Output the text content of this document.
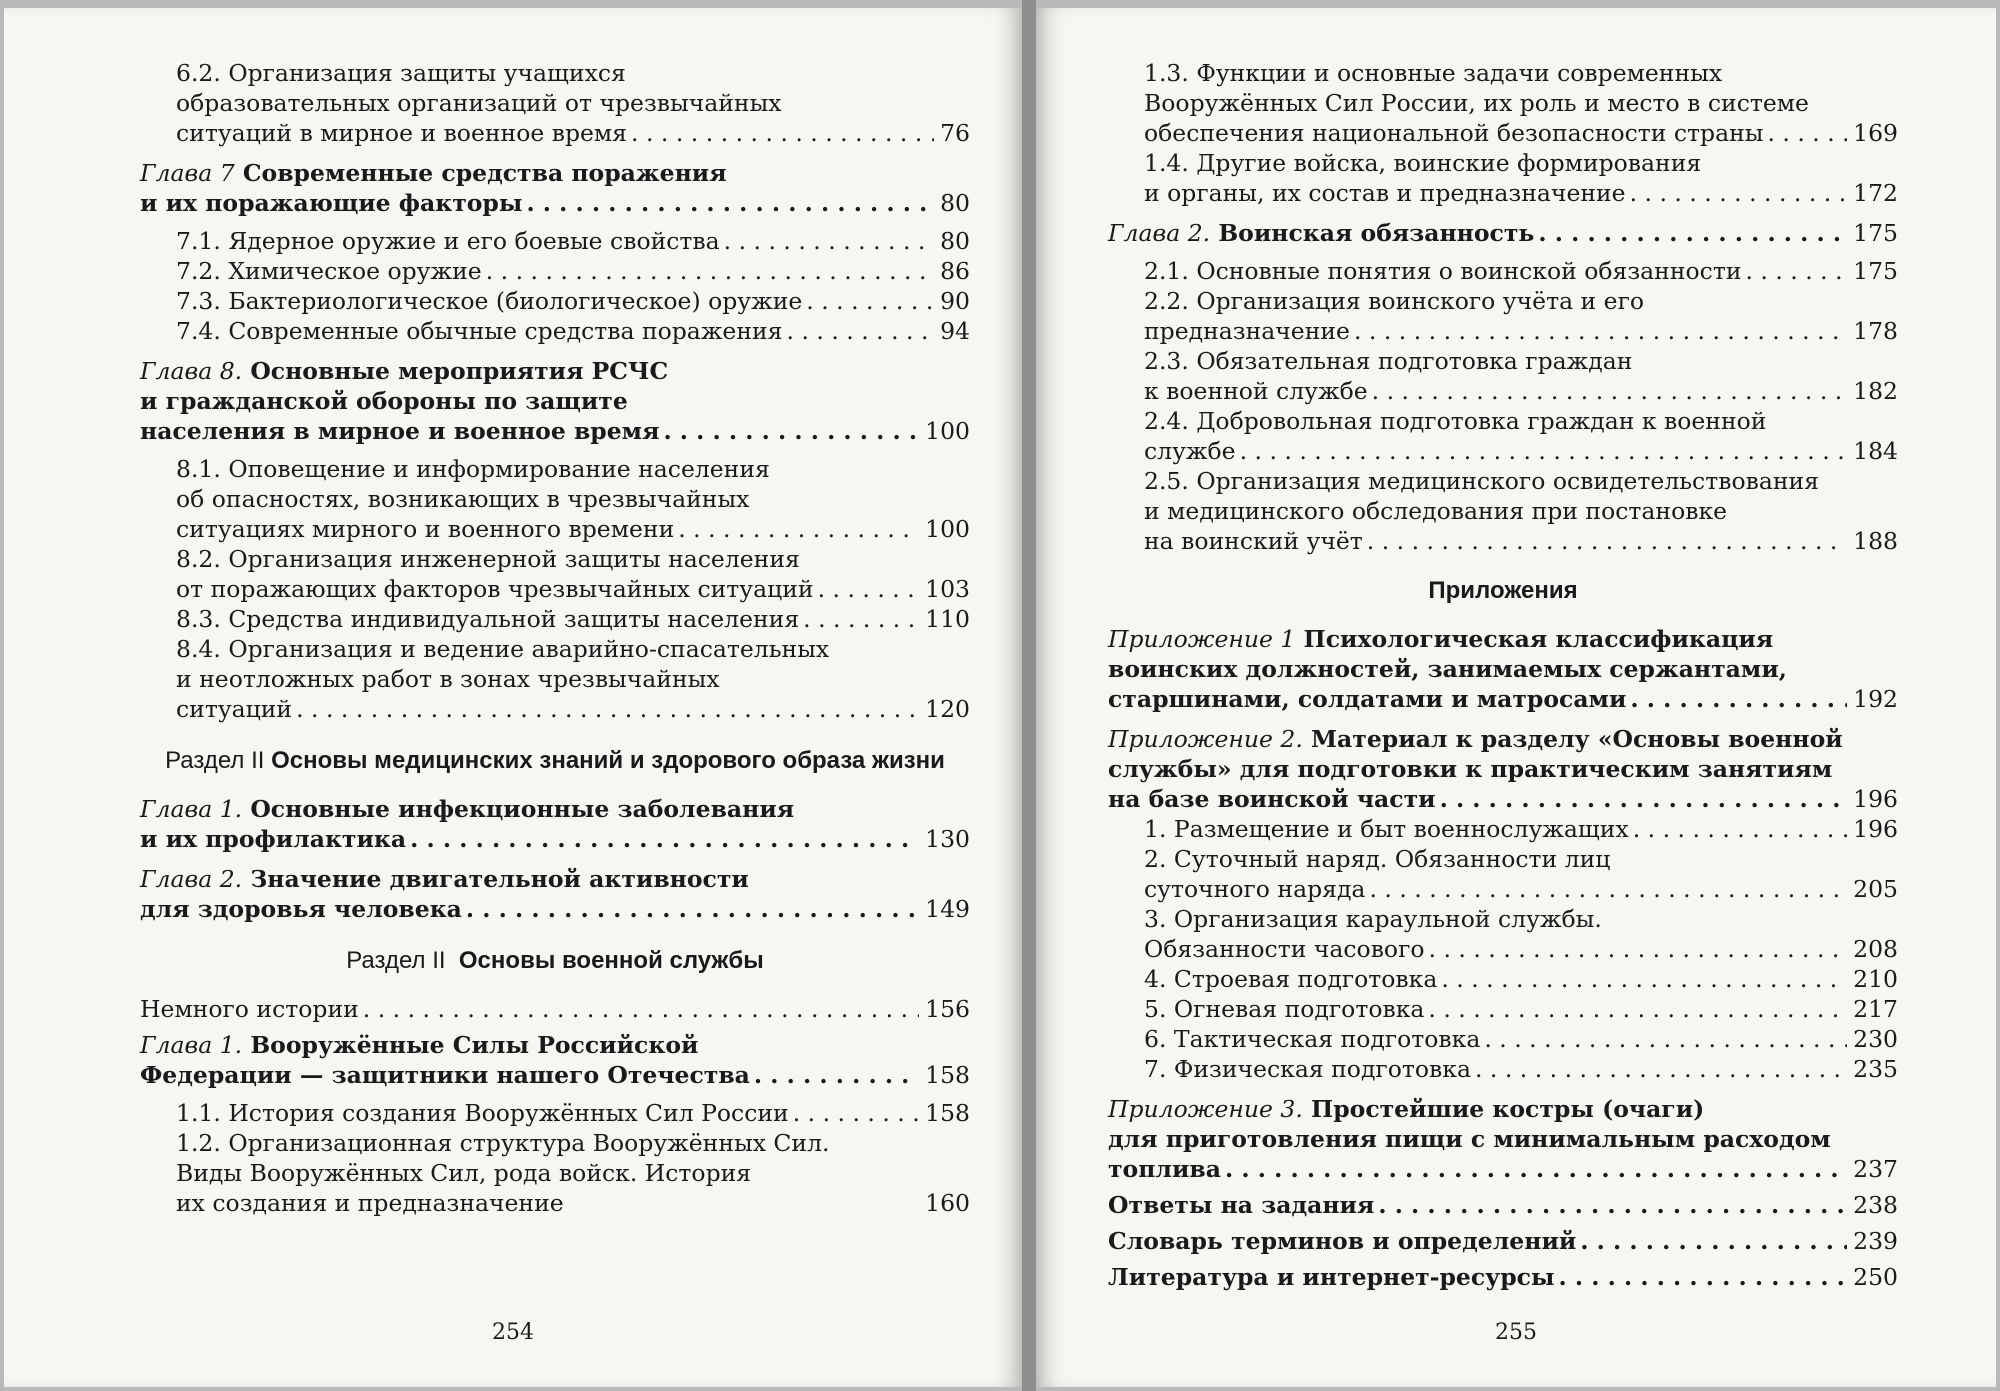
6.2. Организация защиты учащихся
образовательных организаций от чрезвычайных
ситуаций в мирное и военное время . . .	76
Глава 7 Современные средства поражения
и их поражающие факторы . . .	80
7.1. Ядерное оружие и его боевые свойства . . .	80
7.2. Химическое оружие . . .	86
7.3. Бактериологическое (биологическое) оружие . . .	90
7.4. Современные обычные средства поражения . . .	94
Глава 8. Основные мероприятия РСЧС
и гражданской обороны по защите
населения в мирное и военное время . . .	100
8.1. Оповещение и информирование населения
об опасностях, возникающих в чрезвычайных
ситуациях мирного и военного времени . . .	100
8.2. Организация инженерной защиты населения
от поражающих факторов чрезвычайных ситуаций . . .	103
8.3. Средства индивидуальной защиты населения . . .	110
8.4. Организация и ведение аварийно-спасательных
и неотложных работ в зонах чрезвычайных
ситуаций . . .	120
Раздел II Основы медицинских знаний и здорового образа жизни
Глава 1. Основные инфекционные заболевания
и их профилактика . . .	130
Глава 2. Значение двигательной активности
для здоровья человека . . .	149
Раздел II Основы военной службы
Немного истории . . .	156
Глава 1. Вооружённые Силы Российской
Федерации — защитники нашего Отечества . . .	158
1.1. История создания Вооружённых Сил России . . .	158
1.2. Организационная структура Вооружённых Сил.
Виды Вооружённых Сил, рода войск. История
их создания и предназначение	160
254
1.3. Функции и основные задачи современных
Вооружённых Сил России, их роль и место в системе
обеспечения национальной безопасности страны . . .	169
1.4. Другие войска, воинские формирования
и органы, их состав и предназначение . . .	172
Глава 2. Воинская обязанность . . .	175
2.1. Основные понятия о воинской обязанности . . .	175
2.2. Организация воинского учёта и его
предназначение . . .	178
2.3. Обязательная подготовка граждан
к военной службе . . .	182
2.4. Добровольная подготовка граждан к военной
службе . . .	184
2.5. Организация медицинского освидетельствования
и медицинского обследования при постановке
на воинский учёт . . .	188
Приложения
Приложение 1 Психологическая классификация
воинских должностей, занимаемых сержантами,
старшинами, солдатами и матросами . . .	192
Приложение 2. Материал к разделу «Основы военной
службы» для подготовки к практическим занятиям
на базе воинской части . . .	196
1. Размещение и быт военнослужащих . . .	196
2. Суточный наряд. Обязанности лиц
суточного наряда . . .	205
3. Организация караульной службы.
Обязанности часового . . .	208
4. Строевая подготовка . . .	210
5. Огневая подготовка . . .	217
6. Тактическая подготовка . . .	230
7. Физическая подготовка . . .	235
Приложение 3. Простейшие костры (очаги)
для приготовления пищи с минимальным расходом
топлива . . .	237
Ответы на задания . . .	238
Словарь терминов и определений . . .	239
Литература и интернет-ресурсы . . .	250
255
